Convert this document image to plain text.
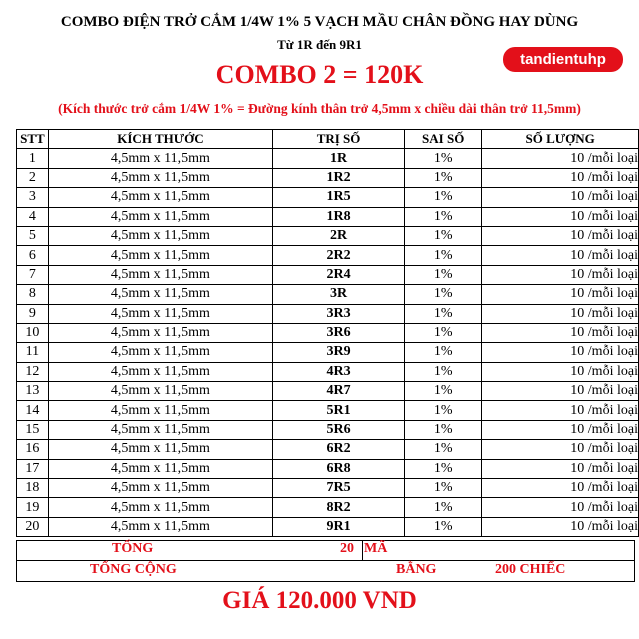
COMBO ĐIỆN TRỞ CẮM 1/4W 1% 5 VẠCH MẦU CHÂN ĐỒNG HAY DÙNG
Từ 1R đến 9R1
tandientuhp
COMBO 2 = 120K
(Kích thước trở cắm 1/4W 1% = Đường kính thân trở 4,5mm x chiều dài thân trở 11,5mm)
STT	KÍCH THƯỚC	TRỊ SỐ	SAI SỐ	SỐ LƯỢNG
1	4,5mm x 11,5mm	1R	1%	10 /mỗi loại
2	4,5mm x 11,5mm	1R2	1%	10 /mỗi loại
3	4,5mm x 11,5mm	1R5	1%	10 /mỗi loại
4	4,5mm x 11,5mm	1R8	1%	10 /mỗi loại
5	4,5mm x 11,5mm	2R	1%	10 /mỗi loại
6	4,5mm x 11,5mm	2R2	1%	10 /mỗi loại
7	4,5mm x 11,5mm	2R4	1%	10 /mỗi loại
8	4,5mm x 11,5mm	3R	1%	10 /mỗi loại
9	4,5mm x 11,5mm	3R3	1%	10 /mỗi loại
10	4,5mm x 11,5mm	3R6	1%	10 /mỗi loại
11	4,5mm x 11,5mm	3R9	1%	10 /mỗi loại
12	4,5mm x 11,5mm	4R3	1%	10 /mỗi loại
13	4,5mm x 11,5mm	4R7	1%	10 /mỗi loại
14	4,5mm x 11,5mm	5R1	1%	10 /mỗi loại
15	4,5mm x 11,5mm	5R6	1%	10 /mỗi loại
16	4,5mm x 11,5mm	6R2	1%	10 /mỗi loại
17	4,5mm x 11,5mm	6R8	1%	10 /mỗi loại
18	4,5mm x 11,5mm	7R5	1%	10 /mỗi loại
19	4,5mm x 11,5mm	8R2	1%	10 /mỗi loại
20	4,5mm x 11,5mm	9R1	1%	10 /mỗi loại
TỔNG	20 MÃ
TỔNG CỘNG	BẰNG	200 CHIẾC
GIÁ 120.000 VND
